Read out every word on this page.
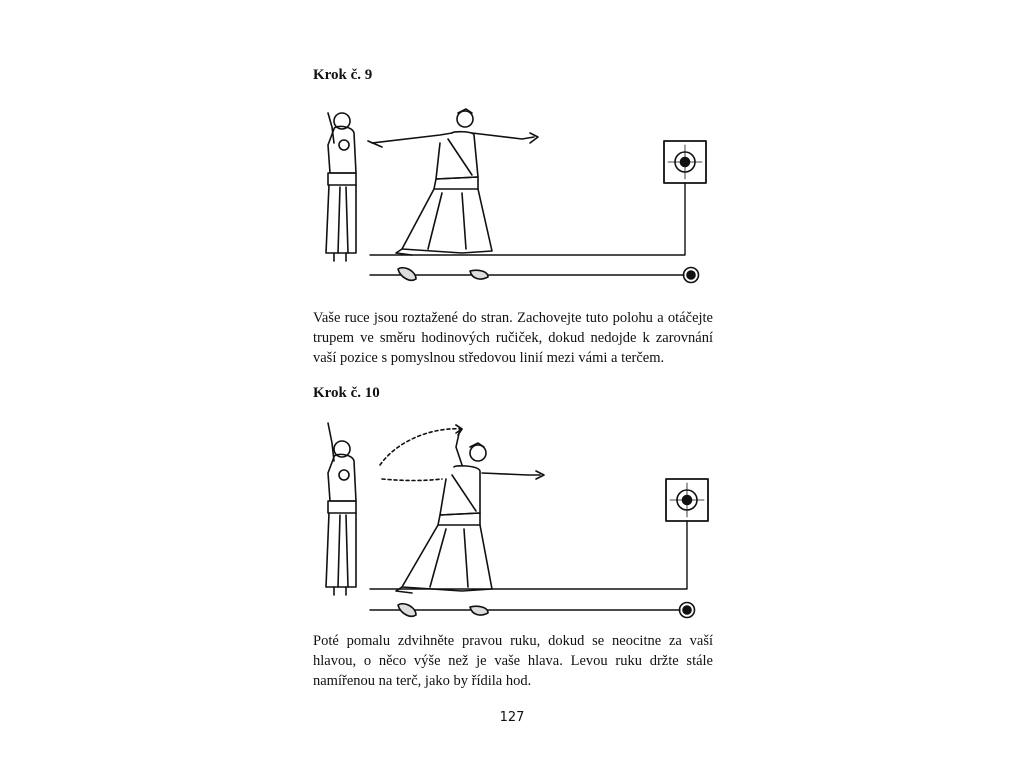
Krok č. 9

Vaše ruce jsou roztažené do stran. Zachovejte tuto polohu a otáčejte trupem ve směru hodinových ručiček, dokud nedojde k zarovnání vaší pozice s pomyslnou středovou linií mezi vámi a terčem.

Krok č. 10

Poté pomalu zdvihněte pravou ruku, dokud se neocitne za vaší hlavou, o něco výše než je vaše hlava. Levou ruku držte stále namířenou na terč, jako by řídila hod.

127
